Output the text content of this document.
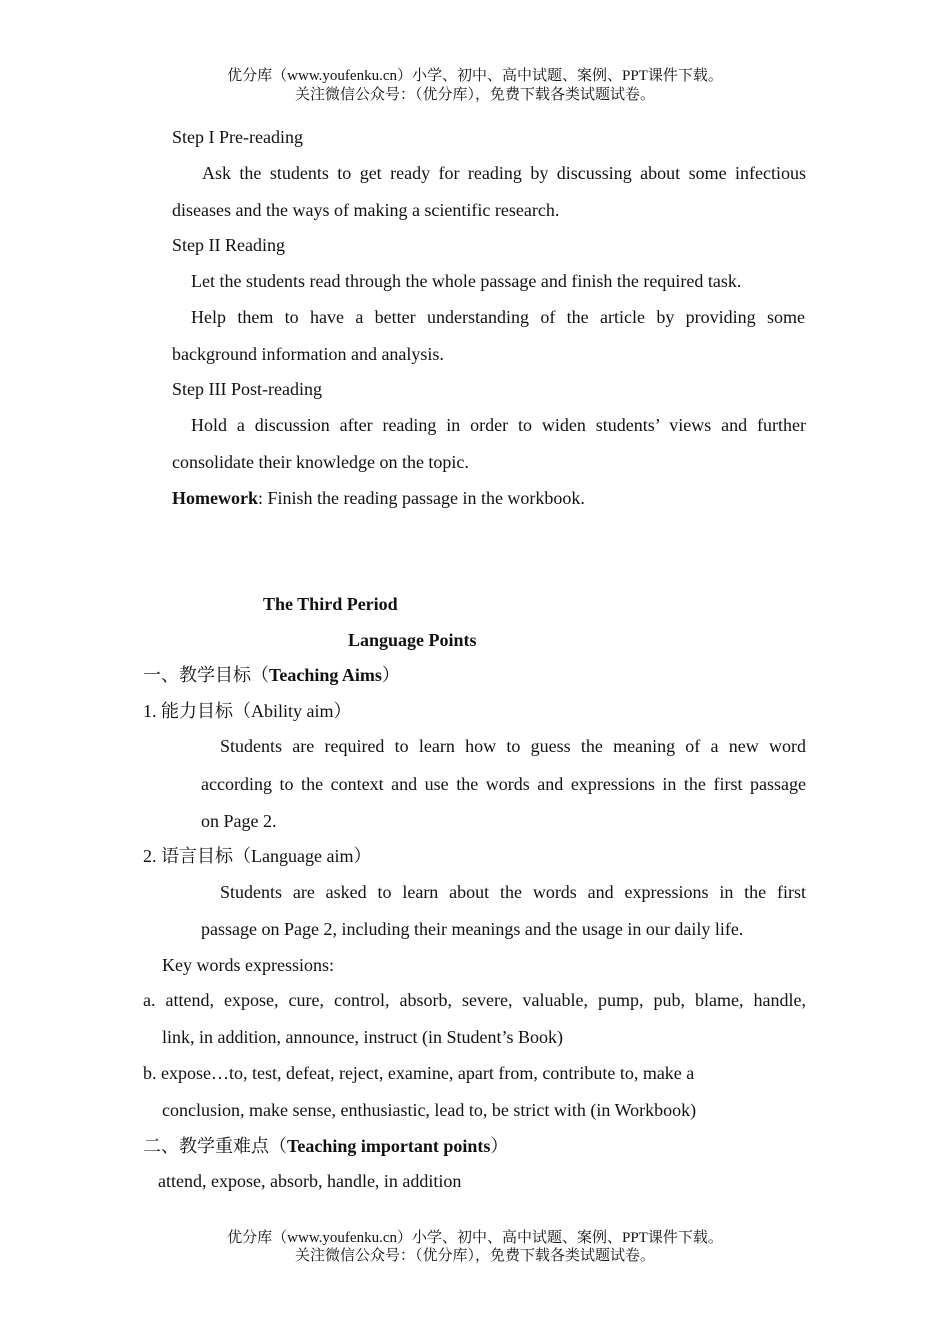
优分库（www.youfenku.cn）小学、初中、高中试题、案例、PPT课件下载。
关注微信公众号：（优分库），免费下载各类试题试卷。
Step I Pre-reading
Ask the students to get ready for reading by discussing about some infectious
diseases and the ways of making a scientific research.
Step II Reading
Let the students read through the whole passage and finish the required task.
Help them to have a better understanding of the article by providing some
background information and analysis.
Step III Post-reading
Hold a discussion after reading in order to widen students’ views and further
consolidate their knowledge on the topic.
Homework: Finish the reading passage in the workbook.
The Third Period
Language Points
一、教学目标（Teaching Aims）
1. 能力目标（Ability aim）
Students are required to learn how to guess the meaning of a new word
according to the context and use the words and expressions in the first passage
on Page 2.
2. 语言目标（Language aim）
Students are asked to learn about the words and expressions in the first
passage on Page 2, including their meanings and the usage in our daily life.
Key words expressions:
a. attend, expose, cure, control, absorb, severe, valuable, pump, pub, blame, handle,
link, in addition, announce, instruct (in Student’s Book)
b. expose…to, test, defeat, reject, examine, apart from, contribute to, make a
conclusion, make sense, enthusiastic, lead to, be strict with (in Workbook)
二、教学重难点（Teaching important points）
attend, expose, absorb, handle, in addition
优分库（www.youfenku.cn）小学、初中、高中试题、案例、PPT课件下载。
关注微信公众号：（优分库），免费下载各类试题试卷。
